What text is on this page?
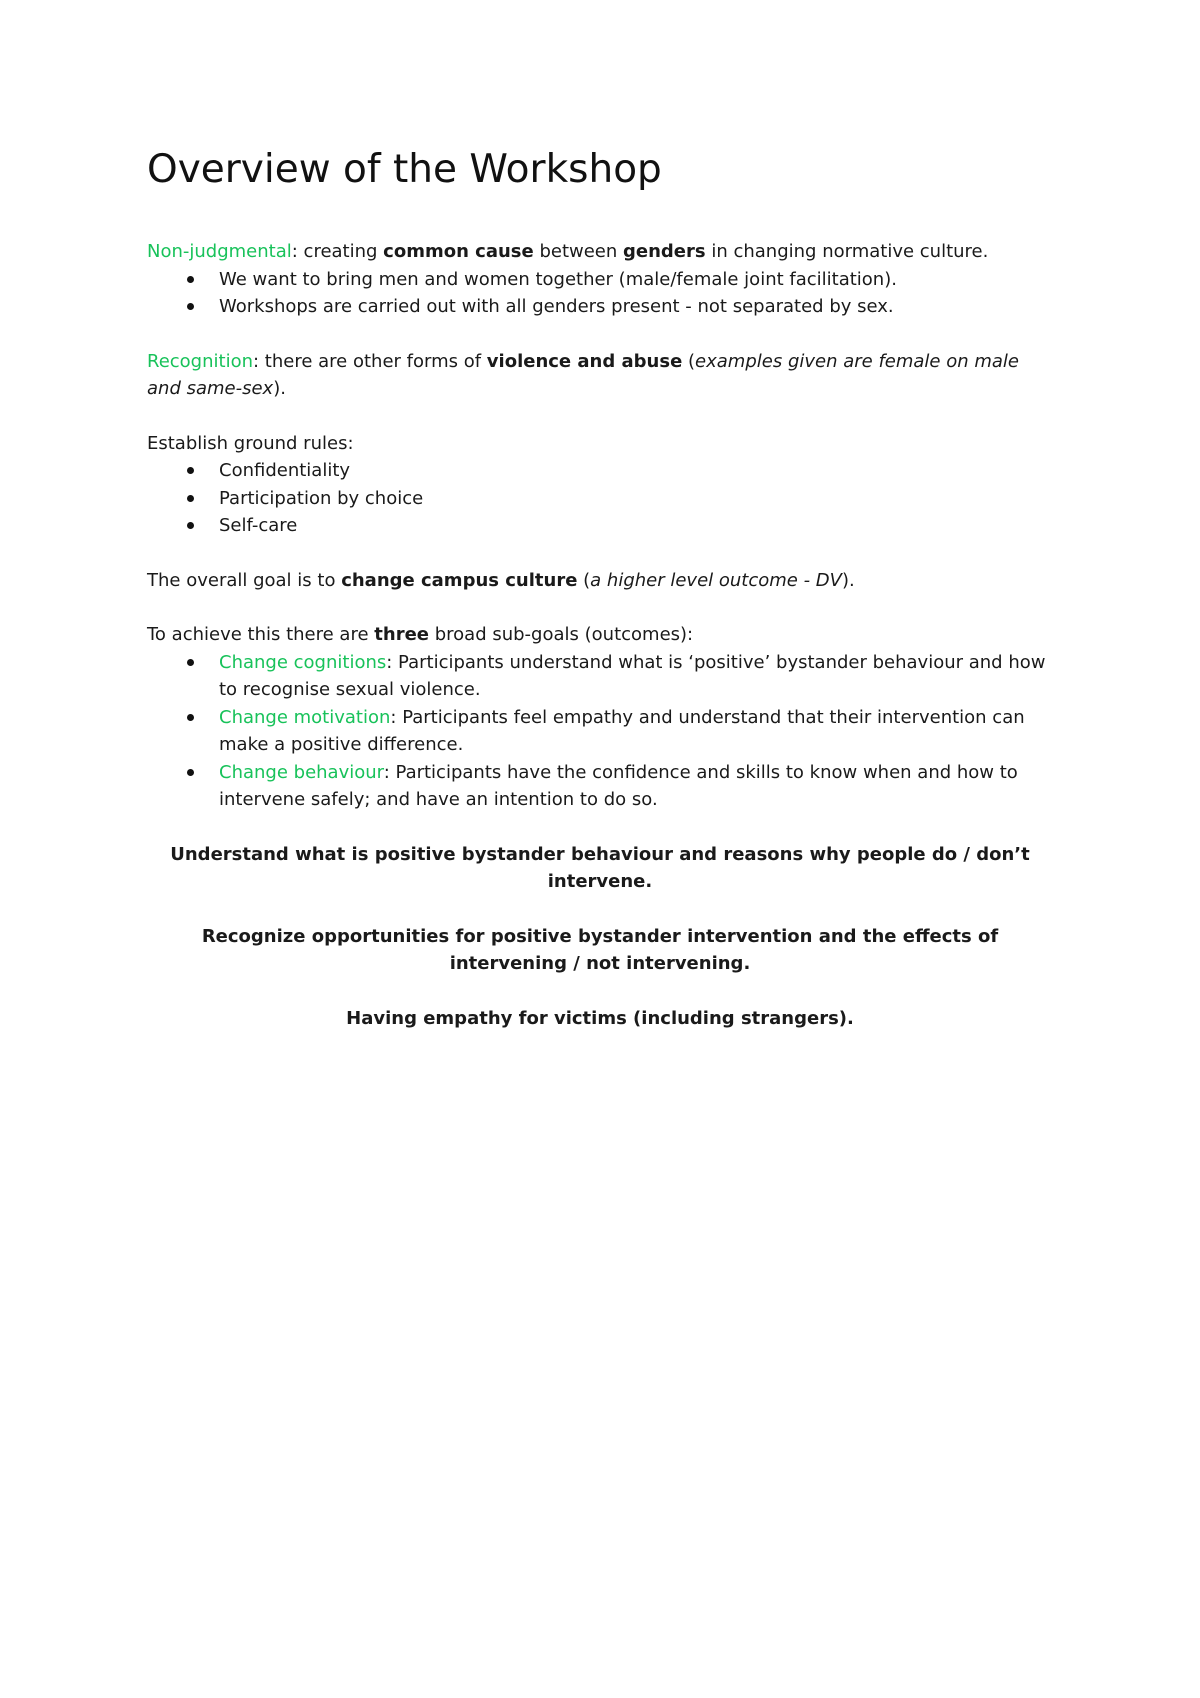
Overview of the Workshop

Non-judgmental: creating common cause between genders in changing normative culture.

We want to bring men and women together (male/female joint facilitation).
Workshops are carried out with all genders present - not separated by sex.

Recognition: there are other forms of violence and abuse (examples given are female on male and same-sex).

Establish ground rules:

Confidentiality
Participation by choice
Self-care

The overall goal is to change campus culture (a higher level outcome - DV).

To achieve this there are three broad sub-goals (outcomes):

Change cognitions: Participants understand what is ‘positive’ bystander behaviour and how to recognise sexual violence.
Change motivation: Participants feel empathy and understand that their intervention can make a positive difference.
Change behaviour: Participants have the confidence and skills to know when and how to intervene safely; and have an intention to do so.

Understand what is positive bystander behaviour and reasons why people do / don’t intervene.

Recognize opportunities for positive bystander intervention and the effects of intervening / not intervening.

Having empathy for victims (including strangers).
